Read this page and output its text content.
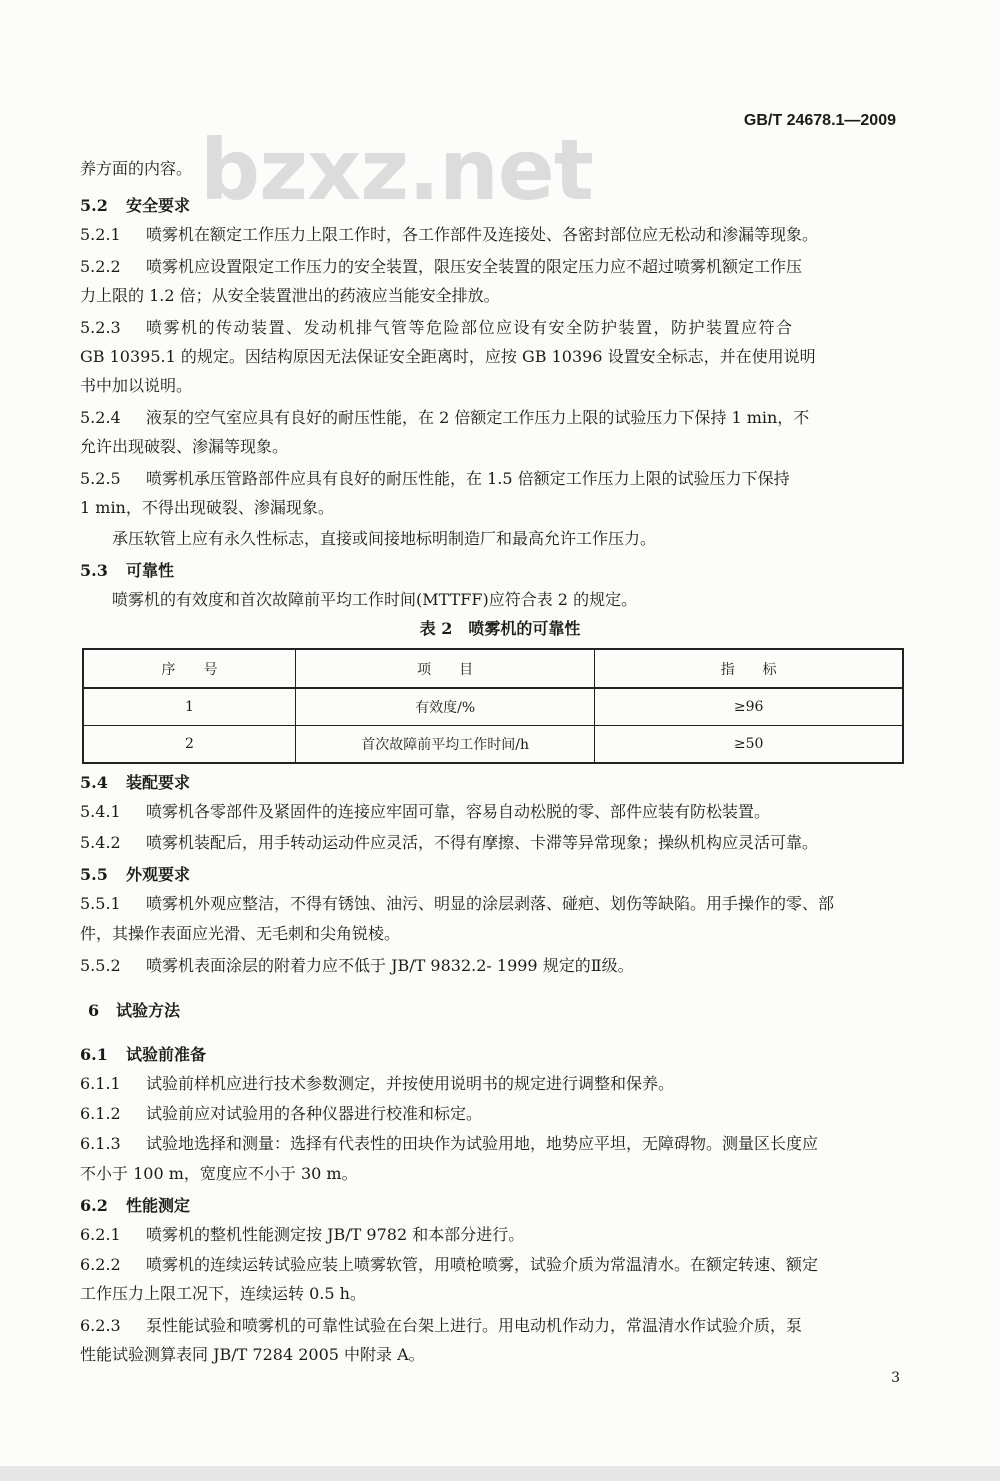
bzxz.net
GB/T 24678.1—2009
养方面的内容。
5.2 安全要求
5.2.1 喷雾机在额定工作压力上限工作时，各工作部件及连接处、各密封部位应无松动和渗漏等现象。
5.2.2 喷雾机应设置限定工作压力的安全装置，限压安全装置的限定压力应不超过喷雾机额定工作压
力上限的 1.2 倍；从安全装置泄出的药液应当能安全排放。
5.2.3 喷雾机的传动装置、发动机排气管等危险部位应设有安全防护装置，防护装置应符合
GB 10395.1 的规定。因结构原因无法保证安全距离时，应按 GB 10396 设置安全标志，并在使用说明
书中加以说明。
5.2.4 液泵的空气室应具有良好的耐压性能，在 2 倍额定工作压力上限的试验压力下保持 1 min，不
允许出现破裂、渗漏等现象。
5.2.5 喷雾机承压管路部件应具有良好的耐压性能，在 1.5 倍额定工作压力上限的试验压力下保持
1 min，不得出现破裂、渗漏现象。
承压软管上应有永久性标志，直接或间接地标明制造厂和最高允许工作压力。
5.3 可靠性
喷雾机的有效度和首次故障前平均工作时间(MTTFF)应符合表 2 的规定。
表 2　喷雾机的可靠性
序　　号	项　　目	指　　标
1	有效度/%	≥96
2	首次故障前平均工作时间/h	≥50
5.4 装配要求
5.4.1 喷雾机各零部件及紧固件的连接应牢固可靠，容易自动松脱的零、部件应装有防松装置。
5.4.2 喷雾机装配后，用手转动运动件应灵活，不得有摩擦、卡滞等异常现象；操纵机构应灵活可靠。
5.5 外观要求
5.5.1 喷雾机外观应整洁，不得有锈蚀、油污、明显的涂层剥落、碰疤、划伤等缺陷。用手操作的零、部
件，其操作表面应光滑、无毛刺和尖角锐棱。
5.5.2 喷雾机表面涂层的附着力应不低于 JB/T 9832.2- 1999 规定的Ⅱ级。
6 试验方法
6.1 试验前准备
6.1.1 试验前样机应进行技术参数测定，并按使用说明书的规定进行调整和保养。
6.1.2 试验前应对试验用的各种仪器进行校准和标定。
6.1.3 试验地选择和测量：选择有代表性的田块作为试验用地，地势应平坦，无障碍物。测量区长度应
不小于 100 m，宽度应不小于 30 m。
6.2 性能测定
6.2.1 喷雾机的整机性能测定按 JB/T 9782 和本部分进行。
6.2.2 喷雾机的连续运转试验应装上喷雾软管，用喷枪喷雾，试验介质为常温清水。在额定转速、额定
工作压力上限工况下，连续运转 0.5 h。
6.2.3 泵性能试验和喷雾机的可靠性试验在台架上进行。用电动机作动力，常温清水作试验介质，泵
性能试验测算表同 JB/T 7284 2005 中附录 A。
3
